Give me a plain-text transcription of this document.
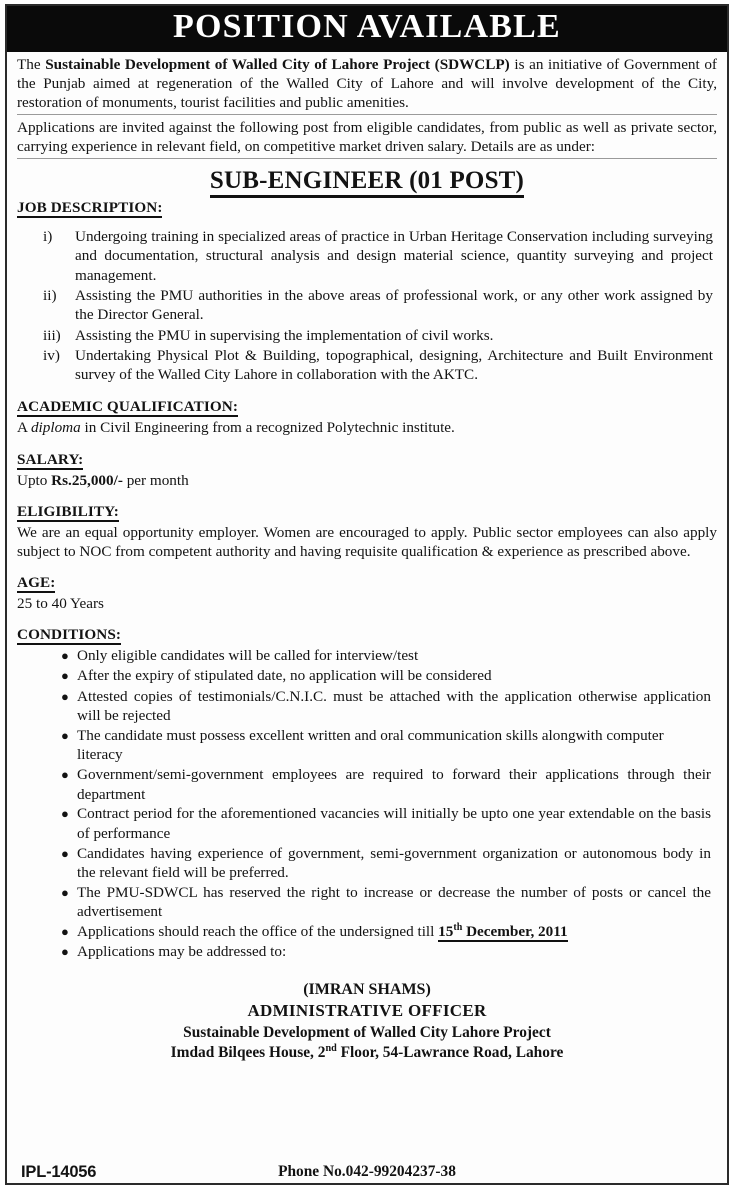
POSITION AVAILABLE

The Sustainable Development of Walled City of Lahore Project (SDWCLP) is an initiative of Government of the Punjab aimed at regeneration of the Walled City of Lahore and will involve development of the City, restoration of monuments, tourist facilities and public amenities.

Applications are invited against the following post from eligible candidates, from public as well as private sector, carrying experience in relevant field, on competitive market driven salary. Details are as under:

SUB-ENGINEER (01 POST)
JOB DESCRIPTION:
i)	Undergoing training in specialized areas of practice in Urban Heritage Conservation including surveying and documentation, structural analysis and design material science, quantity surveying and project management.
ii)	Assisting the PMU authorities in the above areas of professional work, or any other work assigned by the Director General.
iii) Assisting the PMU in supervising the implementation of civil works.
iv) Undertaking Physical Plot & Building, topographical, designing, Architecture and Built Environment survey of the Walled City Lahore in collaboration with the AKTC.
ACADEMIC QUALIFICATION:

A diploma in Civil Engineering from a recognized Polytechnic institute.

SALARY:

Upto Rs.25,000/- per month

ELIGIBILITY:

We are an equal opportunity employer. Women are encouraged to apply. Public sector employees can also apply subject to NOC from competent authority and having requisite qualification & experience as prescribed above.

AGE:

25 to 40 Years

CONDITIONS:
● Only eligible candidates will be called for interview/test
● After the expiry of stipulated date, no application will be considered
● Attested copies of testimonials/C.N.I.C. must be attached with the application otherwise application will be rejected
● The candidate must possess excellent written and oral communication skills alongwith computer literacy
● Government/semi-government employees are required to forward their applications through their department
● Contract period for the aforementioned vacancies will initially be upto one year extendable on the basis of performance
● Candidates having experience of government, semi-government organization or autonomous body in the relevant field will be preferred.
● The PMU-SDWCL has reserved the right to increase or decrease the number of posts or cancel the advertisement
● Applications should reach the office of the undersigned till 15th December, 2011
● Applications may be addressed to:
(IMRAN SHAMS)
ADMINISTRATIVE OFFICER
Sustainable Development of Walled City Lahore Project
Imdad Bilqees House, 2nd Floor, 54-Lawrance Road, Lahore
IPL-14056	Phone No.042-99204237-38
